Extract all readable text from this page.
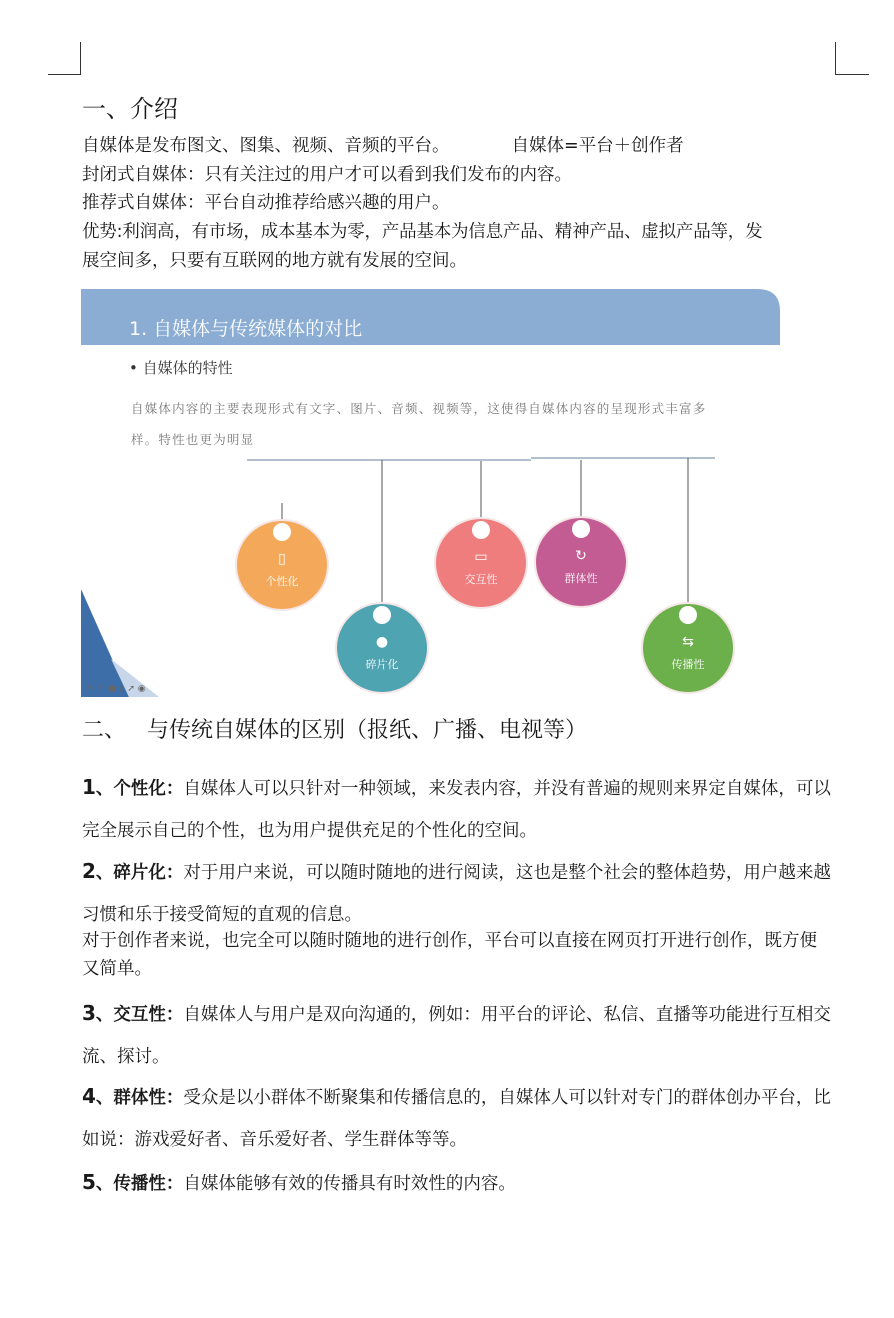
一、介绍
自媒体是发布图文、图集、视频、音频的平台。	自媒体=平台＋创作者
封闭式自媒体：只有关注过的用户才可以看到我们发布的内容。
推荐式自媒体：平台自动推荐给感兴趣的用户。
优势:利润高，有市场，成本基本为零，产品基本为信息产品、精神产品、虚拟产品等，发
展空间多，只要有互联网的地方就有发展的空间。
1. 自媒体与传统媒体的对比
• 自媒体的特性
自媒体内容的主要表现形式有文字、图片、音频、视频等，这使得自媒体内容的呈现形式丰富多
样。特性也更为明显
▯
个性化
●
碎片化
▭
交互性
↻
群体性
⇆
传播性
✎ ◠ ● ⌂ ➚ ◉
二、   与传统自媒体的区别（报纸、广播、电视等）
1、个性化：自媒体人可以只针对一种领域，来发表内容，并没有普遍的规则来界定自媒体，可以完全展示自己的个性，也为用户提供充足的个性化的空间。
2、碎片化：对于用户来说，可以随时随地的进行阅读，这也是整个社会的整体趋势，用户越来越习惯和乐于接受简短的直观的信息。
对于创作者来说，也完全可以随时随地的进行创作，平台可以直接在网页打开进行创作，既方便又简单。
3、交互性：自媒体人与用户是双向沟通的，例如：用平台的评论、私信、直播等功能进行互相交流、探讨。
4、群体性：受众是以小群体不断聚集和传播信息的，自媒体人可以针对专门的群体创办平台，比如说：游戏爱好者、音乐爱好者、学生群体等等。
5、传播性：自媒体能够有效的传播具有时效性的内容。
